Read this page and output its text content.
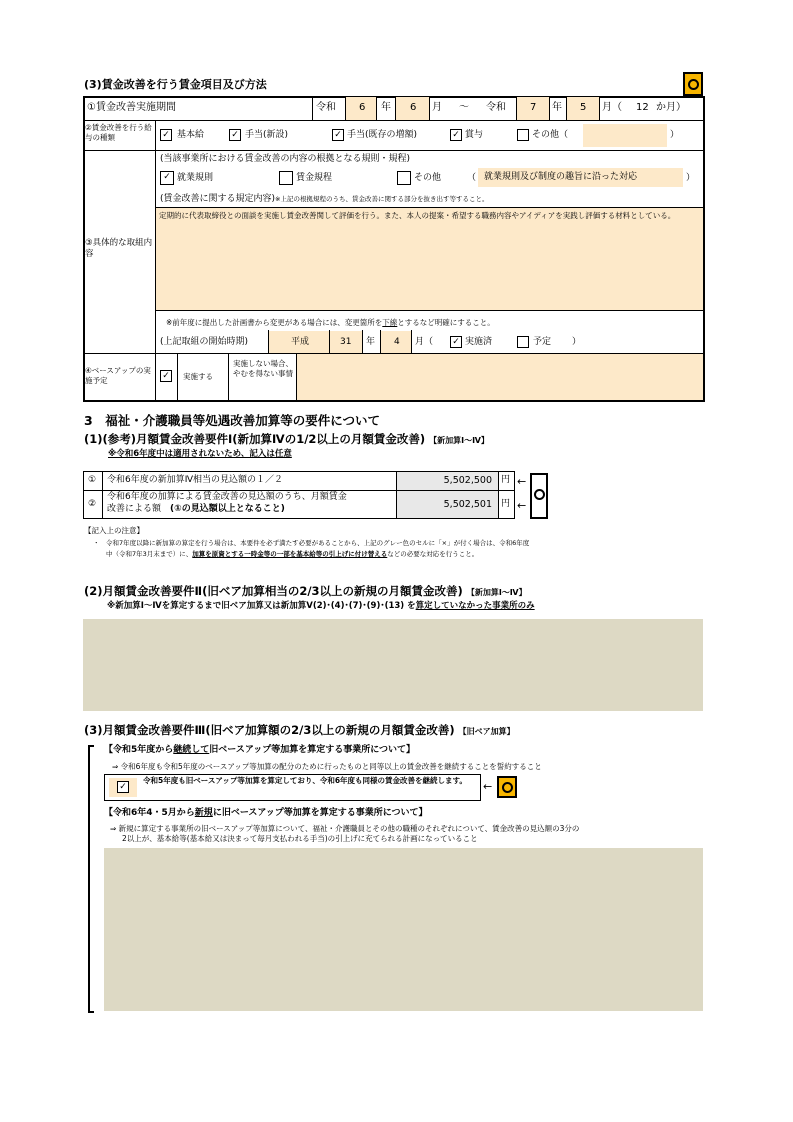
(3)賃金改善を行う賃金項目及び方法
①賃金改善実施期間	令和 6 年 6 月 ～ 令和 7 年 5 月（ 12 か月）
②賃金改善を行う給与の種類	✓ 基本給	✓ 手当(新設)	✓ 手当(既存の増額)	✓ 賞与	その他（	）
③具体的な取組内容
(当該事業所における賃金改善の内容の根拠となる規則・規程)
✓ 就業規則	賃金規程	その他	（ 就業規則及び制度の趣旨に沿った対応	）
(賃金改善に関する規定内容)※上記の根拠規程のうち、賃金改善に関する部分を抜き出す等すること。
定期的に代表取締役との面談を実施し賃金改善関して評価を行う。また、本人の提案・希望する職務内容やアイディアを実践し評価する材料としている。
※前年度に提出した計画書から変更がある場合には、変更箇所を下線とするなど明確にすること。
(上記取組の開始時期)	平成	31 年 4 月（ ✓ 実施済	予定 ）
④ベースアップの実施予定	✓ 実施する
実施しない場合、やむを得ない事情
3　福祉・介護職員等処遇改善加算等の要件について
(1)(参考)月額賃金改善要件Ⅰ(新加算Ⅳの1/2以上の月額賃金改善) 【新加算Ⅰ～Ⅳ】
※令和6年度中は適用されないため、記入は任意
① 令和6年度の新加算Ⅳ相当の見込額の１／２	5,502,500 円
②
令和6年度の加算による賃金改善の見込額のうち、月額賃金
改善による額　 (①の見込額以上となること)	5,502,501 円
←
←
【記入上の注意】
・　令和7年度以降に新加算の算定を行う場合は、本要件を必ず満たす必要があることから、上記のグレー色のセルに「×」が付く場合は、令和6年度
中（令和7年3月末まで）に、加算を原資とする一時金等の一部を基本給等の引上げに付け替えるなどの必要な対応を行うこと。
(2)月額賃金改善要件Ⅱ(旧ベア加算相当の2/3以上の新規の月額賃金改善) 【新加算Ⅰ～Ⅳ】
※新加算Ⅰ～Ⅳを算定するまで旧ベア加算又は新加算Ⅴ(2)･(4)･(7)･(9)･(13) を算定していなかった事業所のみ
(3)月額賃金改善要件Ⅲ(旧ベア加算額の2/3以上の新規の月額賃金改善) 【旧ベア加算】
【令和5年度から継続して旧ベースアップ等加算を算定する事業所について】
⇒ 令和6年度も令和5年度のベースアップ等加算の配分のために行ったものと同等以上の賃金改善を継続することを誓約すること
✓
令和5年度も旧ベースアップ等加算を算定しており、令和6年度も同様の賃金改善を継続します。	←
【令和6年4・5月から新規に旧ベースアップ等加算を算定する事業所について】
⇒ 新規に算定する事業所の旧ベースアップ等加算について、福祉・介護職員とその他の職種のそれぞれについて、賃金改善の見込額の3分の
2以上が、基本給等(基本給又は決まって毎月支払われる手当)の引上げに充てられる計画になっていること
